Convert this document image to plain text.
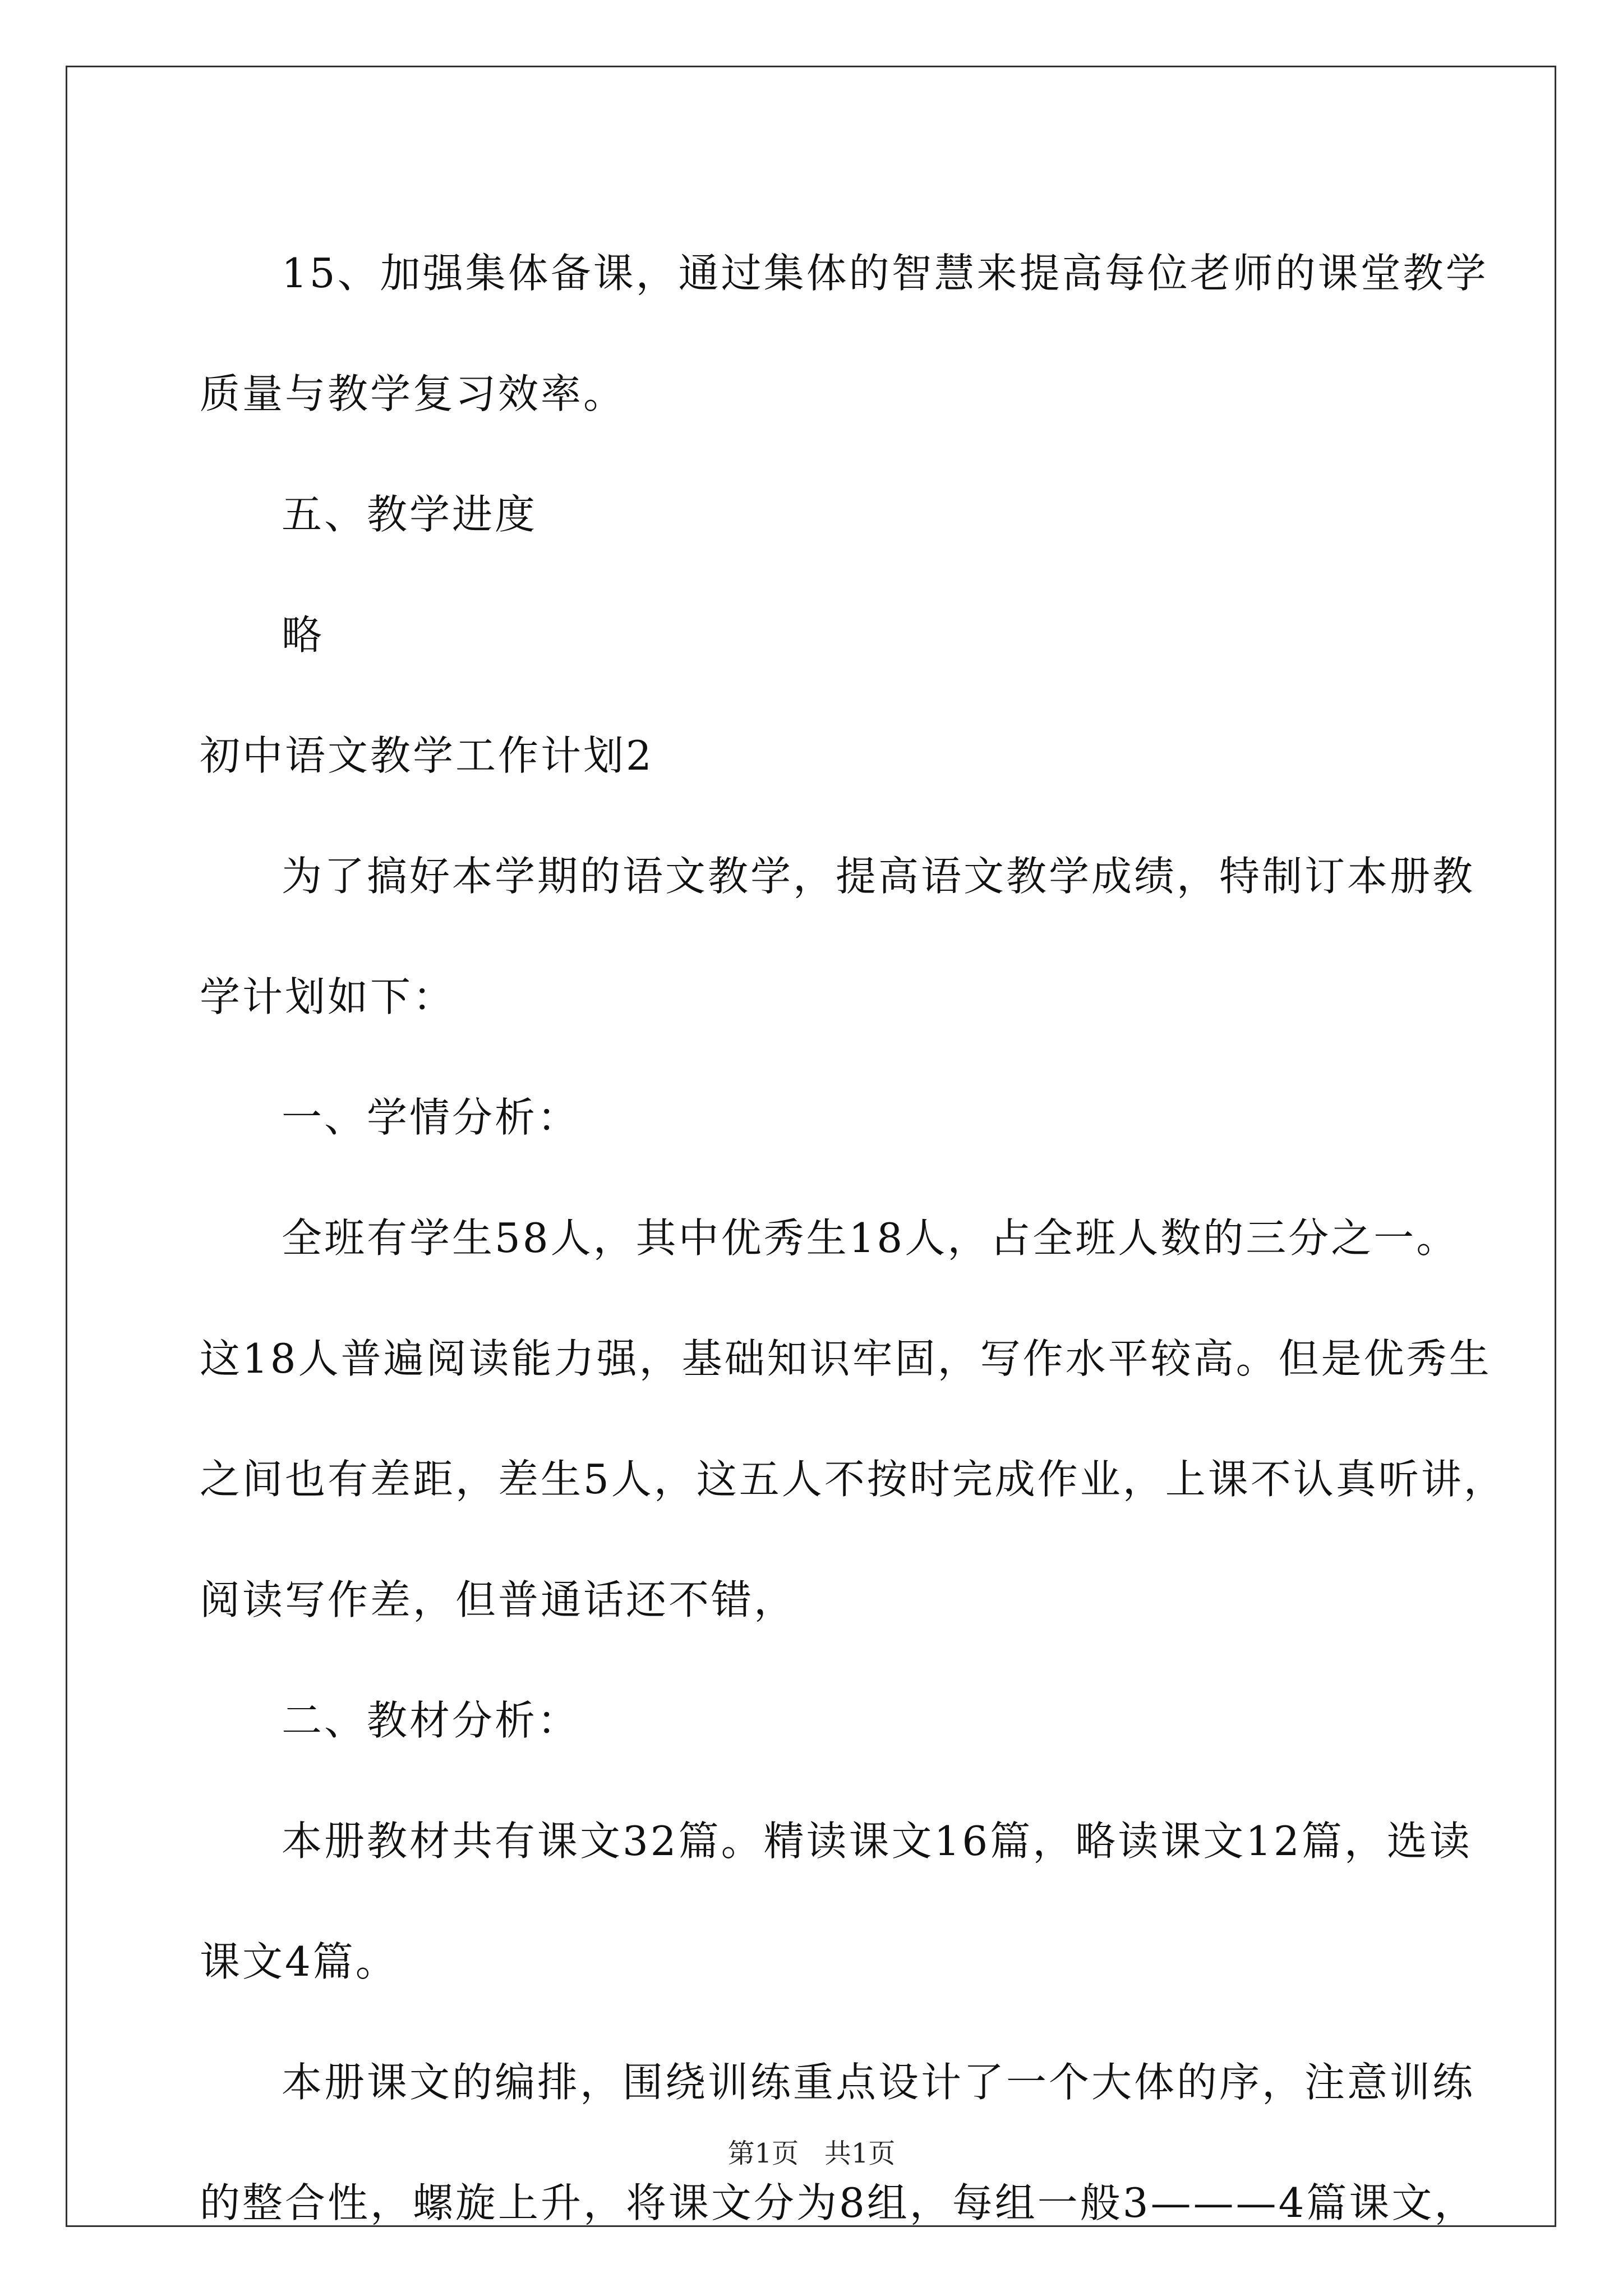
15、加强集体备课，通过集体的智慧来提高每位老师的课堂教学

质量与教学复习效率。

五、教学进度

略

初中语文教学工作计划2

为了搞好本学期的语文教学，提高语文教学成绩，特制订本册教

学计划如下：

一、学情分析：

全班有学生58人，其中优秀生18人，占全班人数的三分之一。

这18人普遍阅读能力强，基础知识牢固，写作水平较高。但是优秀生

之间也有差距，差生5人，这五人不按时完成作业，上课不认真听讲，

阅读写作差，但普通话还不错，

二、教材分析：

本册教材共有课文32篇。精读课文16篇，略读课文12篇，选读

课文4篇。

本册课文的编排，围绕训练重点设计了一个大体的序，注意训练

的整合性，螺旋上升，将课文分为8组，每组一般3———4篇课文，

第1页   共1页
